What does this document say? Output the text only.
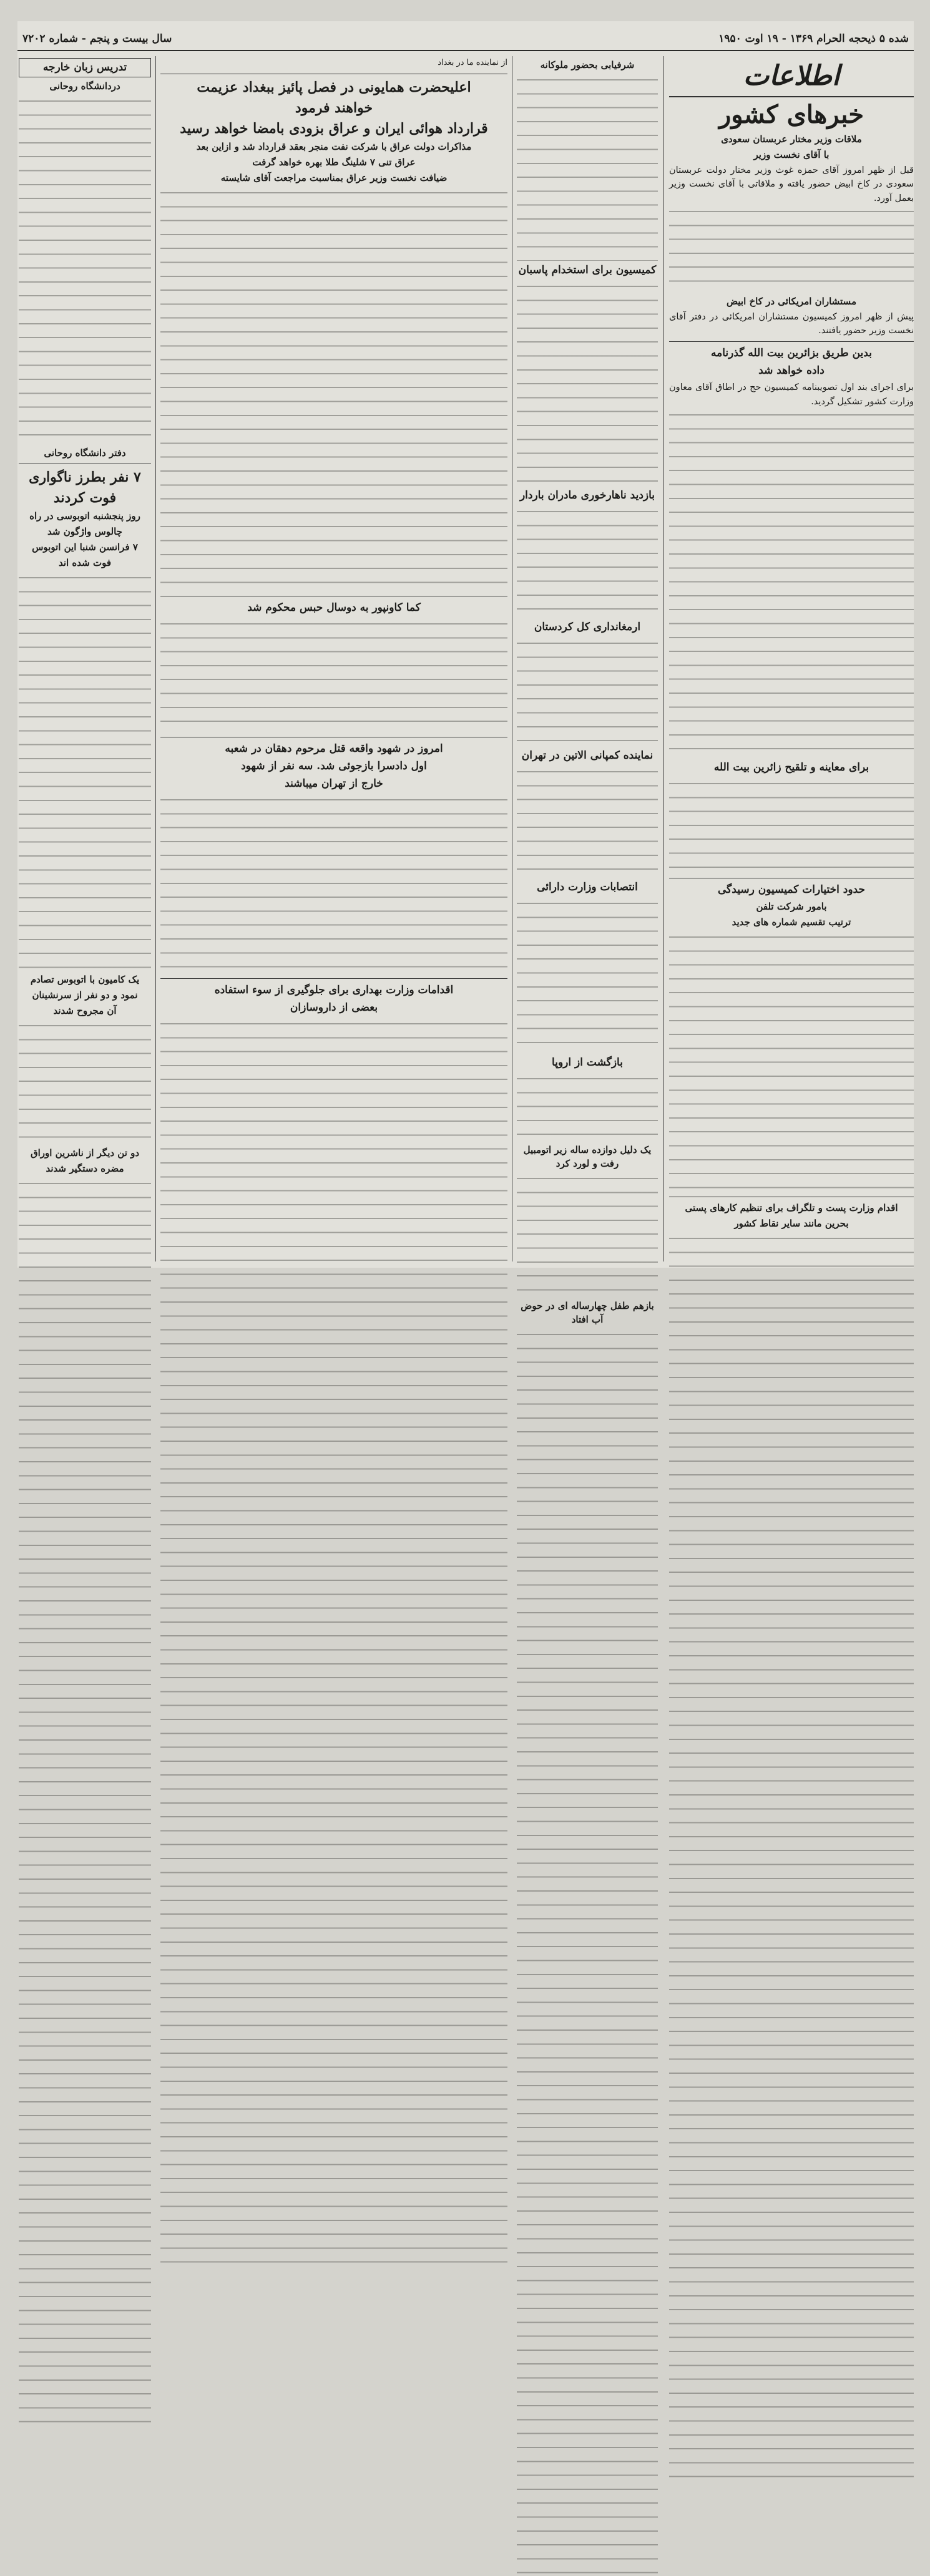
شده ۵ ذیحجه الحرام ۱۳۶۹ - ۱۹ اوت ۱۹۵۰
سال بیست و پنجم - شماره ۷۲۰۲
اطلاعات
خبرهای کشور
ملاقات وزیر مختار عربستان سعودی
با آقای نخست وزیر

قبل از ظهر امروز آقای حمزه غوث وزیر مختار دولت عربستان سعودی در کاخ ابیض حضور یافته و ملاقاتی با آقای نخست وزیر بعمل آورد.

مستشاران امریکائی در کاخ ابیض

پیش از ظهر امروز کمیسیون مستشاران امریکائی در دفتر آقای نخست وزیر حضور یافتند.

بدین طریق بزائرین بیت الله گذرنامه
داده خواهد شد

برای اجرای بند اول تصویبنامه کمیسیون حج در اطاق آقای معاون وزارت کشور تشکیل گردید.

برای معاینه و تلقیح زائرین بیت الله
حدود اختیارات کمیسیون رسیدگی
بامور شرکت تلفن
ترتیب تقسیم شماره های جدید
اقدام وزارت پست و تلگراف برای تنظیم کارهای پستی
بحرین مانند سایر نقاط کشور
شرفیابی بحضور ملوکانه
کمیسیون برای استخدام پاسبان
بازدید ناهارخوری مادران باردار
ارمغانداری کل کردستان
نماینده کمپانی الاتین در تهران
انتصابات وزارت دارائی
بازگشت از اروپا
یک دلیل دوازده ساله زیر اتومبیل رفت و لورد کرد
بازهم طفل چهارساله ای در حوض آب افتاد
از نماینده ما در بغداد
اعلیحضرت همایونی در فصل پائیز ببغداد عزیمت
خواهند فرمود
قرارداد هوائی ایران و عراق بزودی بامضا خواهد رسید
مذاکرات دولت عراق با شرکت نفت منجر بعقد قرارداد شد و ازاین بعد
عراق تنی ۷ شلینگ طلا بهره خواهد گرفت
ضیافت نخست وزیر عراق بمناسبت مراجعت آقای شایسته
کما کاونپور به دوسال حبس محکوم شد
امروز در شهود واقعه قتل مرحوم دهقان در شعبه
اول دادسرا بازجوئی شد. سه نفر از شهود
خارج از تهران میباشند
اقدامات وزارت بهداری برای جلوگیری از سوء استفاده
بعضی از داروسازان
تدریس زبان خارجه
دردانشگاه روحانی
دفتر دانشگاه روحانی
۷ نفر بطرز ناگواری
فوت کردند
روز پنجشنبه اتوبوسی در راه
چالوس واژگون شد
۷ فرانسن شنبا این اتوبوس
فوت شده اند
یک کامیون با اتوبوس تصادم
نمود و دو نفر از سرنشینان
آن مجروح شدند
دو تن دیگر از ناشرین اوراق
مضره دستگیر شدند
